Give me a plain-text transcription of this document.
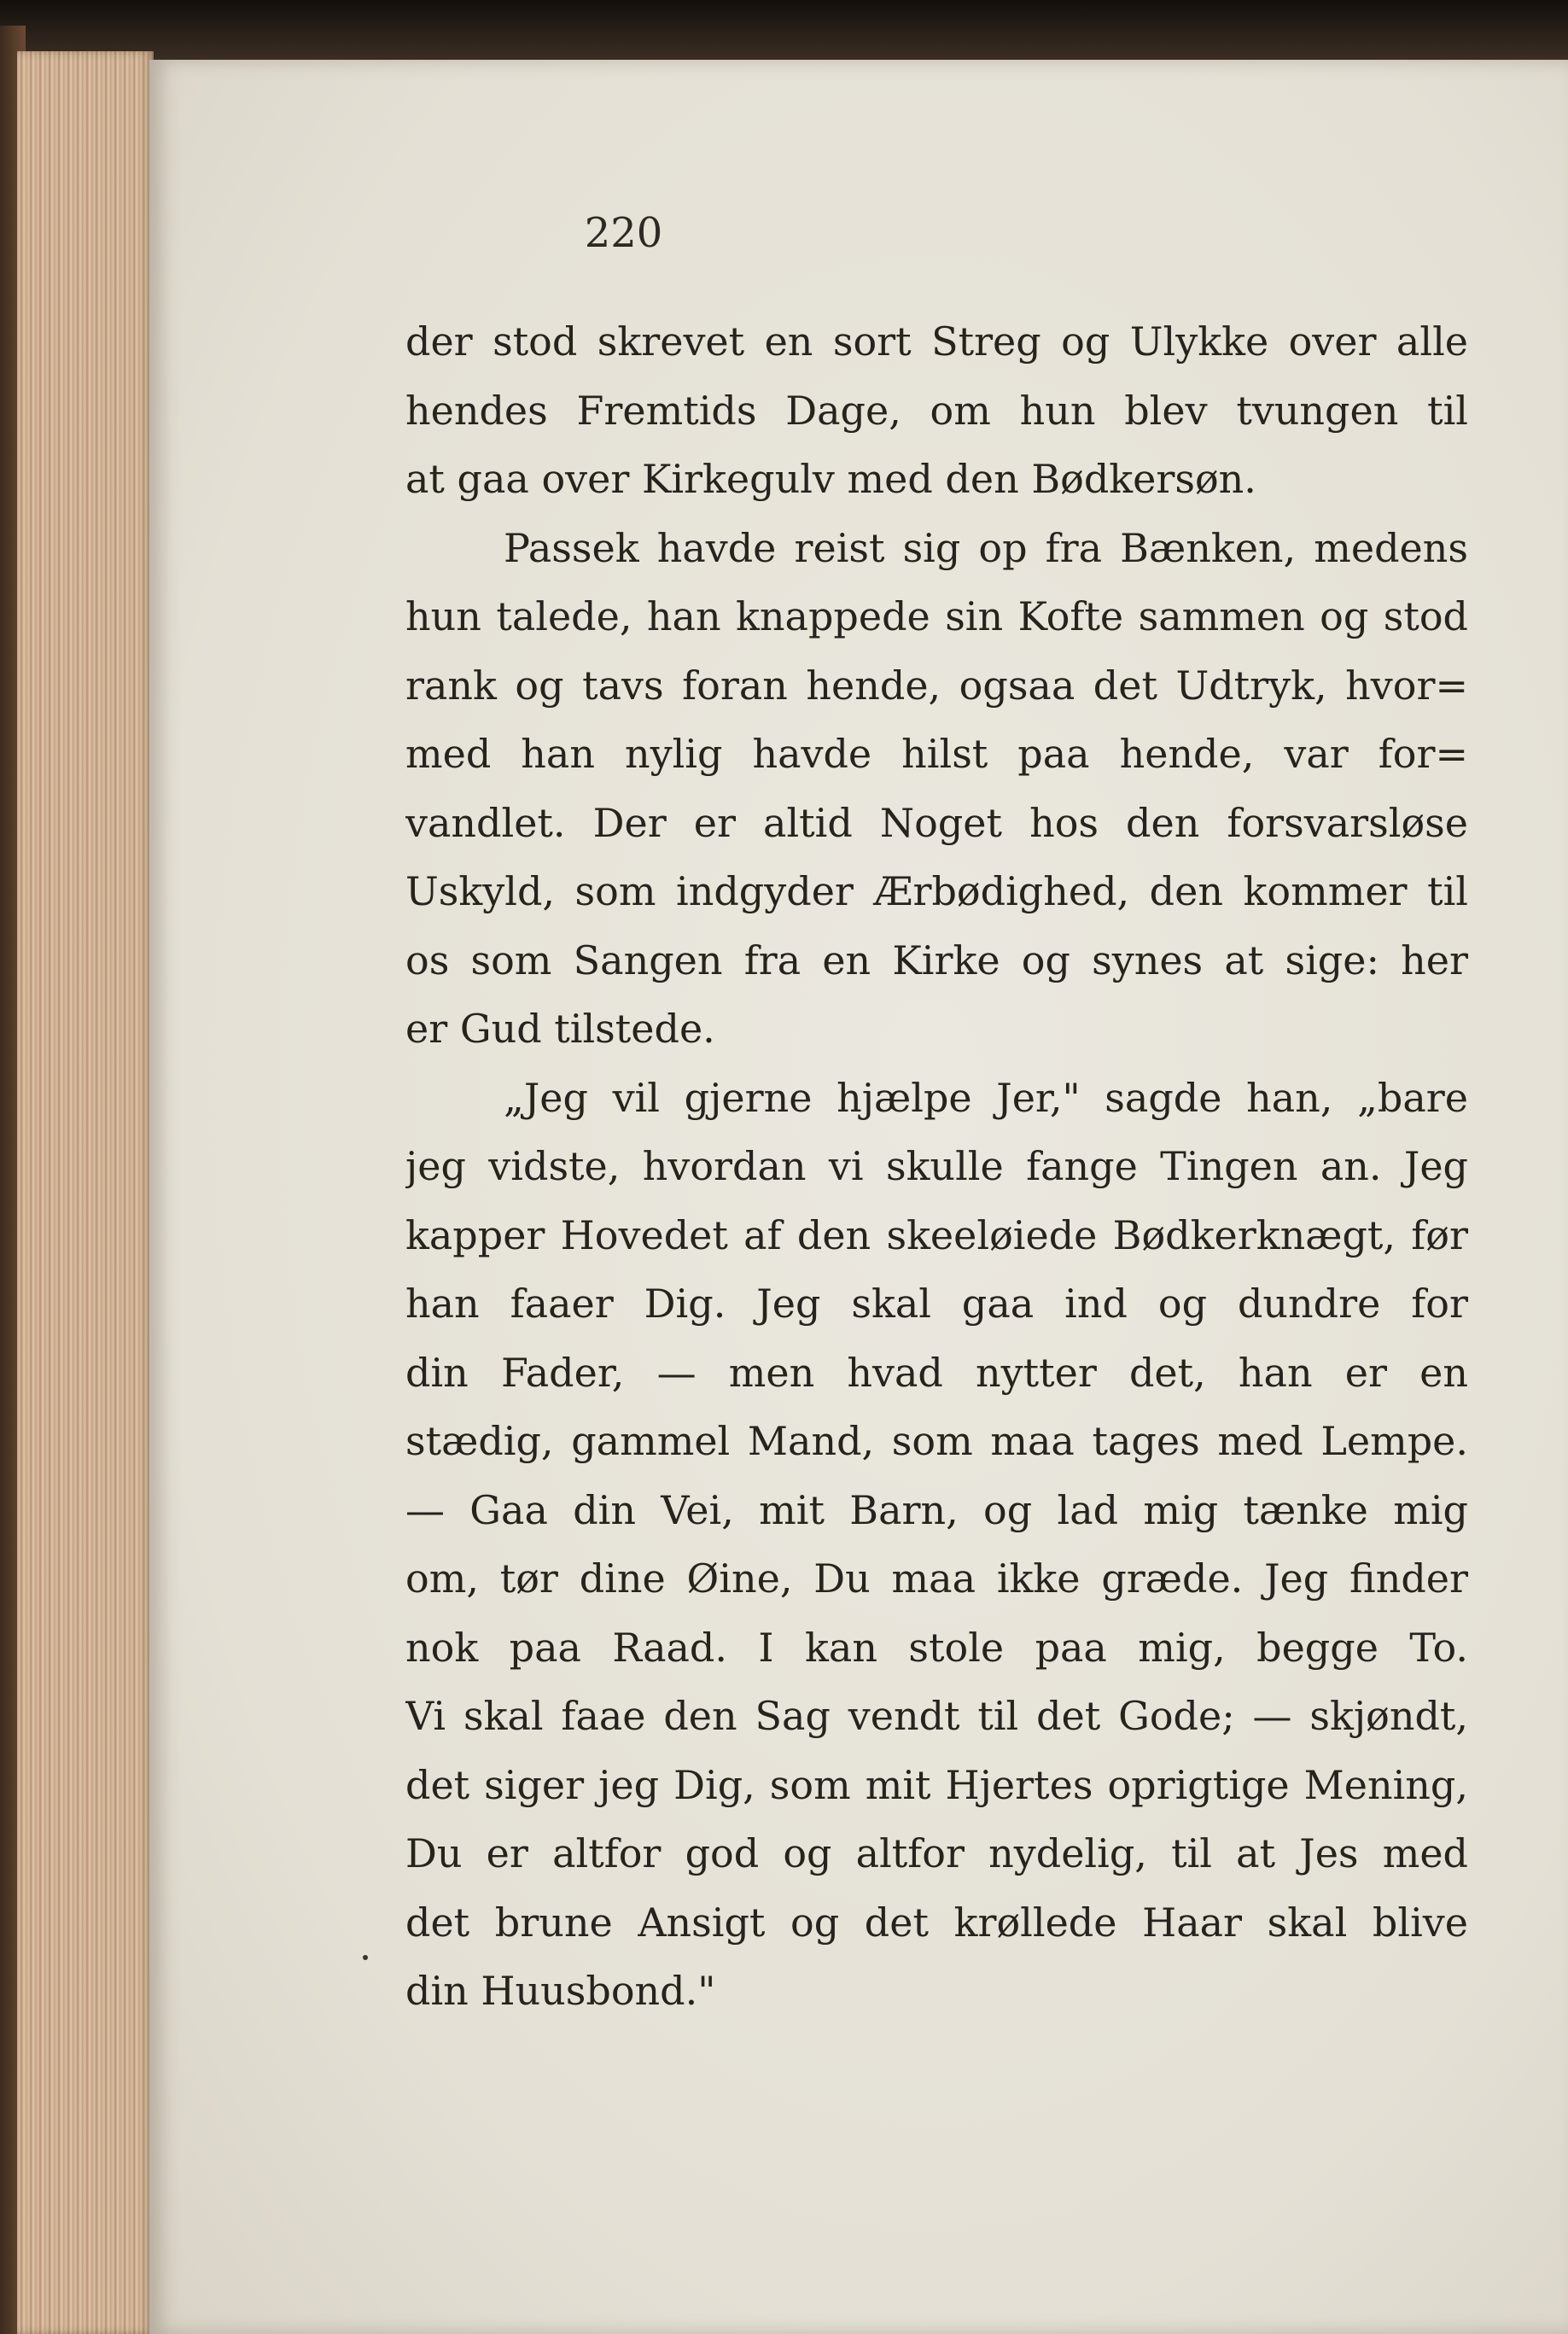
220
der stod skrevet en sort Streg og Ulykke over alle
hendes Fremtids Dage, om hun blev tvungen til
at gaa over Kirkegulv med den Bødkersøn.
Passek havde reist sig op fra Bænken, medens
hun talede, han knappede sin Kofte sammen og stod
rank og tavs foran hende, ogsaa det Udtryk, hvor=
med han nylig havde hilst paa hende, var for=
vandlet. Der er altid Noget hos den forsvarsløse
Uskyld, som indgyder Ærbødighed, den kommer til
os som Sangen fra en Kirke og synes at sige: her
er Gud tilstede.
„Jeg vil gjerne hjælpe Jer," sagde han, „bare
jeg vidste, hvordan vi skulle fange Tingen an. Jeg
kapper Hovedet af den skeeløiede Bødkerknægt, før
han faaer Dig. Jeg skal gaa ind og dundre for
din Fader, — men hvad nytter det, han er en
stædig, gammel Mand, som maa tages med Lempe.
— Gaa din Vei, mit Barn, og lad mig tænke mig
om, tør dine Øine, Du maa ikke græde. Jeg finder
nok paa Raad. I kan stole paa mig, begge To.
Vi skal faae den Sag vendt til det Gode; — skjøndt,
det siger jeg Dig, som mit Hjertes oprigtige Mening,
Du er altfor god og altfor nydelig, til at Jes med
det brune Ansigt og det krøllede Haar skal blive
din Huusbond."
